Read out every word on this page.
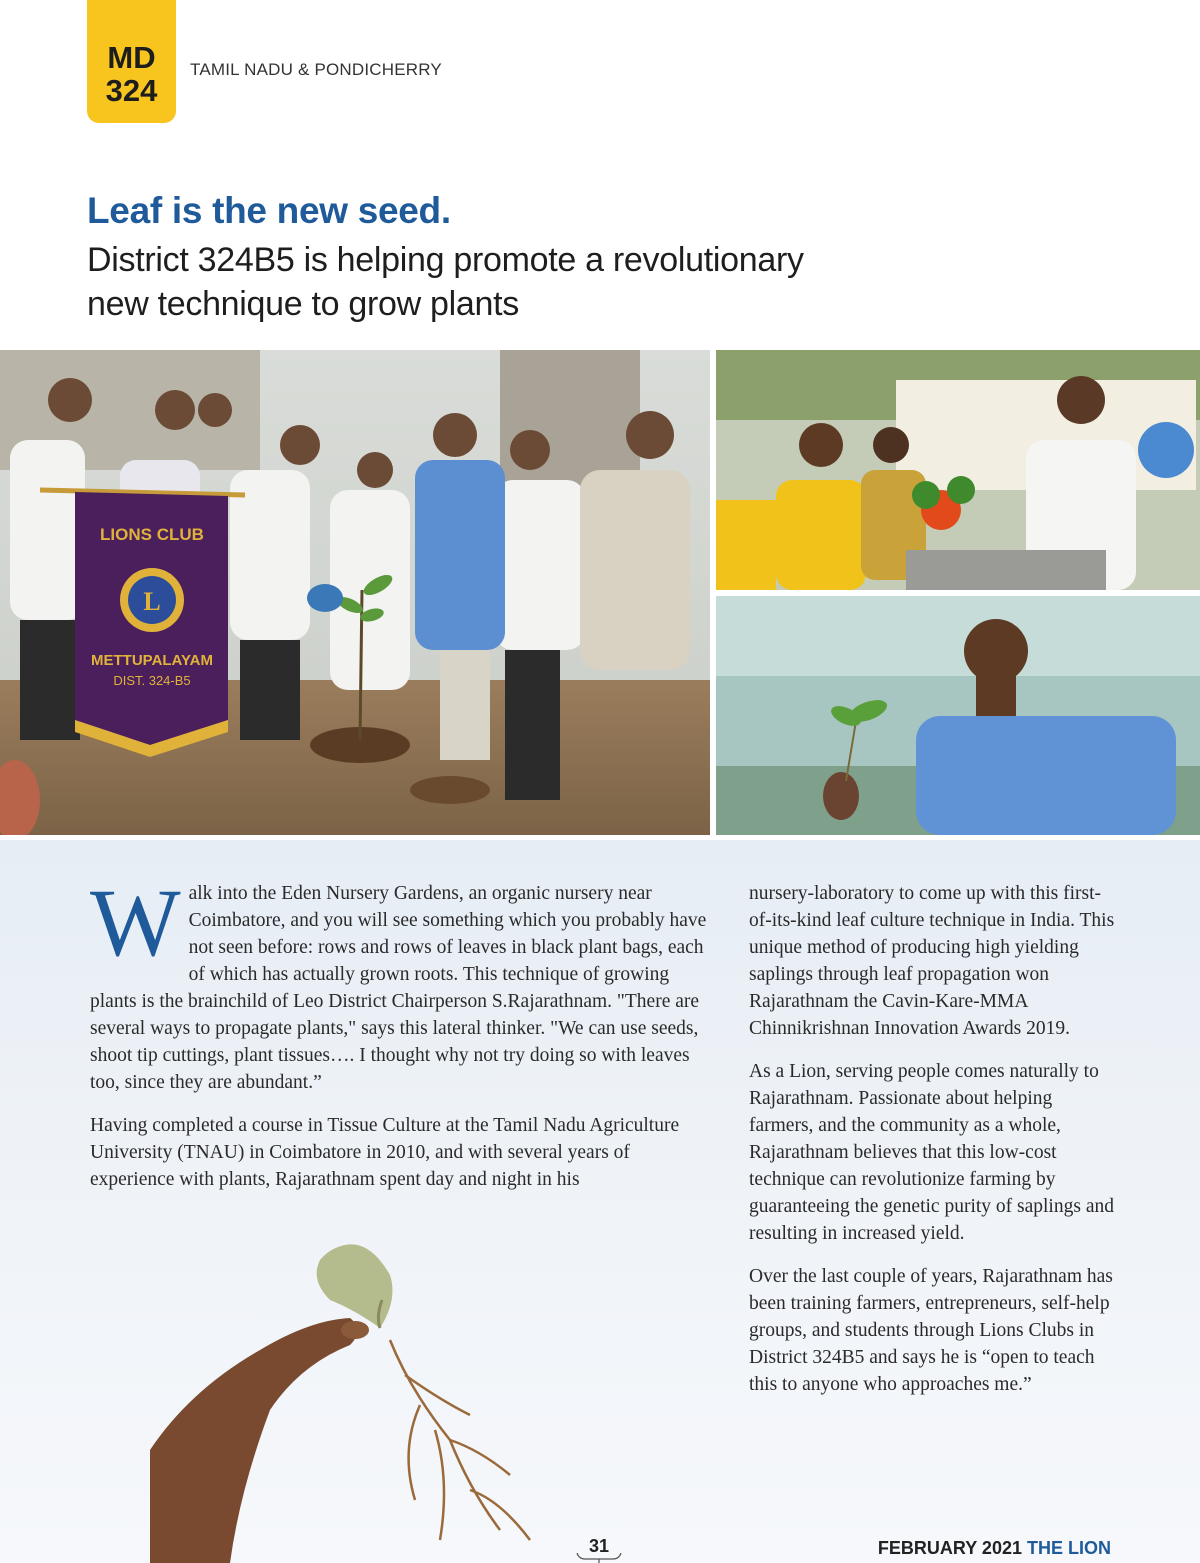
MD
324
TAMIL NADU & PONDICHERRY
Leaf is the new seed.
District 324B5 is helping promote a revolutionary new technique to grow plants
L
LIONS CLUB
METTUPALAYAM
DIST. 324-B5

Walk into the Eden Nursery Gardens, an organic nursery near Coimbatore, and you will see something which you probably have not seen before: rows and rows of leaves in black plant bags, each of which has actually grown roots. This technique of growing plants is the brainchild of Leo District Chairperson S.Rajarathnam. "There are several ways to propagate plants," says this lateral thinker. "We can use seeds, shoot tip cuttings, plant tissues…. I thought why not try doing so with leaves too, since they are abundant.”

Having completed a course in Tissue Culture at the Tamil Nadu Agriculture University (TNAU) in Coimbatore in 2010, and with several years of experience with plants, Rajarathnam spent day and night in his

nursery-laboratory to come up with this first-of-its-kind leaf culture technique in India. This unique method of producing high yielding saplings through leaf propagation won Rajarathnam the Cavin-Kare-MMA Chinnikrishnan Innovation Awards 2019.

As a Lion, serving people comes naturally to Rajarathnam. Passionate about helping farmers, and the community as a whole, Rajarathnam believes that this low-cost technique can revolutionize farming by guaranteeing the genetic purity of saplings and resulting in increased yield.

Over the last couple of years, Rajarathnam has been training farmers, entrepreneurs, self-help groups, and students through Lions Clubs in District 324B5 and says he is “open to teach this to anyone who approaches me.”

31	FEBRUARY 2021 THE LION
